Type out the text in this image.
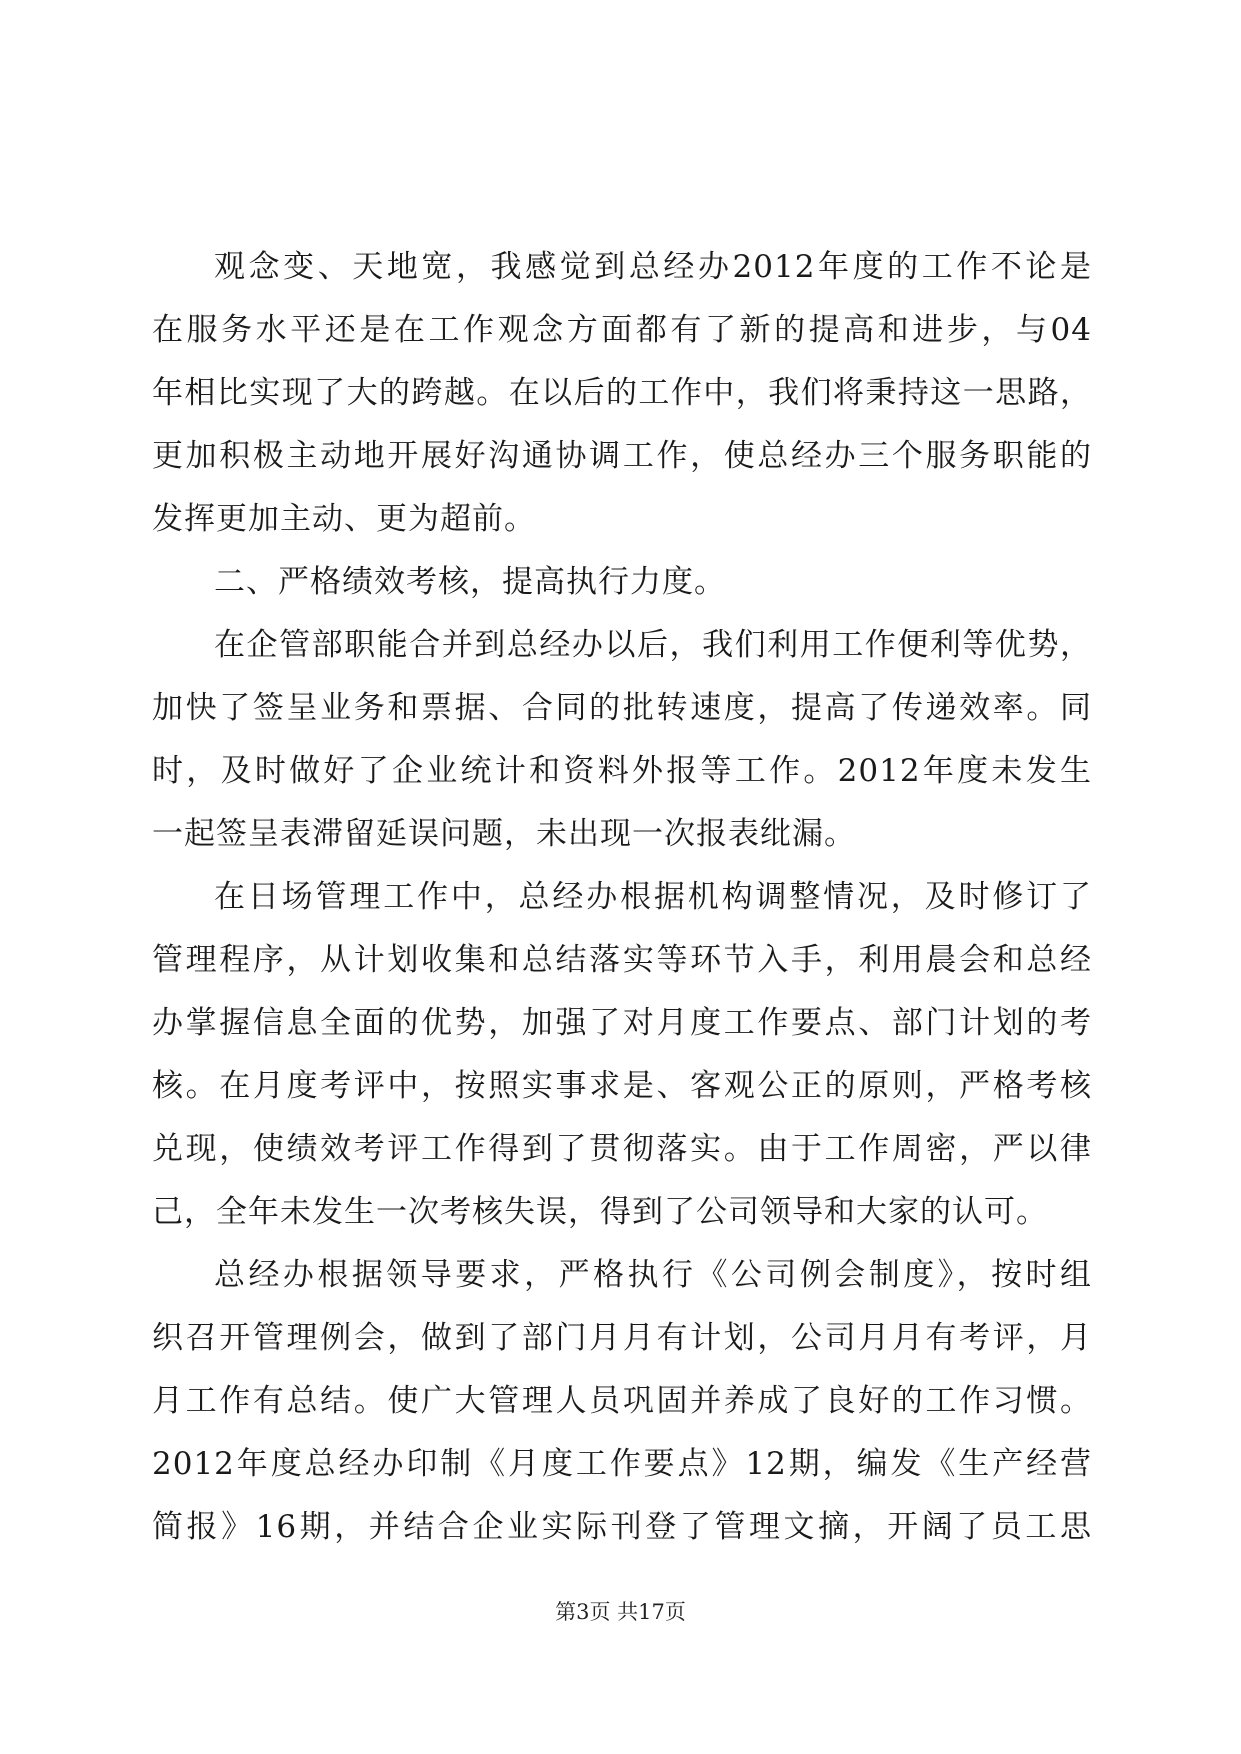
观念变、天地宽，我感觉到总经办2012年度的工作不论是
在服务水平还是在工作观念方面都有了新的提高和进步，与04
年相比实现了大的跨越。在以后的工作中，我们将秉持这一思路，
更加积极主动地开展好沟通协调工作，使总经办三个服务职能的
发挥更加主动、更为超前。
二、严格绩效考核，提高执行力度。
在企管部职能合并到总经办以后，我们利用工作便利等优势，
加快了签呈业务和票据、合同的批转速度，提高了传递效率。同
时，及时做好了企业统计和资料外报等工作。2012年度未发生
一起签呈表滞留延误问题，未出现一次报表纰漏。
在日场管理工作中，总经办根据机构调整情况，及时修订了
管理程序，从计划收集和总结落实等环节入手，利用晨会和总经
办掌握信息全面的优势，加强了对月度工作要点、部门计划的考
核。在月度考评中，按照实事求是、客观公正的原则，严格考核
兑现，使绩效考评工作得到了贯彻落实。由于工作周密，严以律
己，全年未发生一次考核失误，得到了公司领导和大家的认可。
总经办根据领导要求，严格执行《公司例会制度》，按时组
织召开管理例会，做到了部门月月有计划，公司月月有考评，月
月工作有总结。使广大管理人员巩固并养成了良好的工作习惯。
2012年度总经办印制《月度工作要点》12期，编发《生产经营
简报》16期，并结合企业实际刊登了管理文摘，开阔了员工思
第3页 共17页
